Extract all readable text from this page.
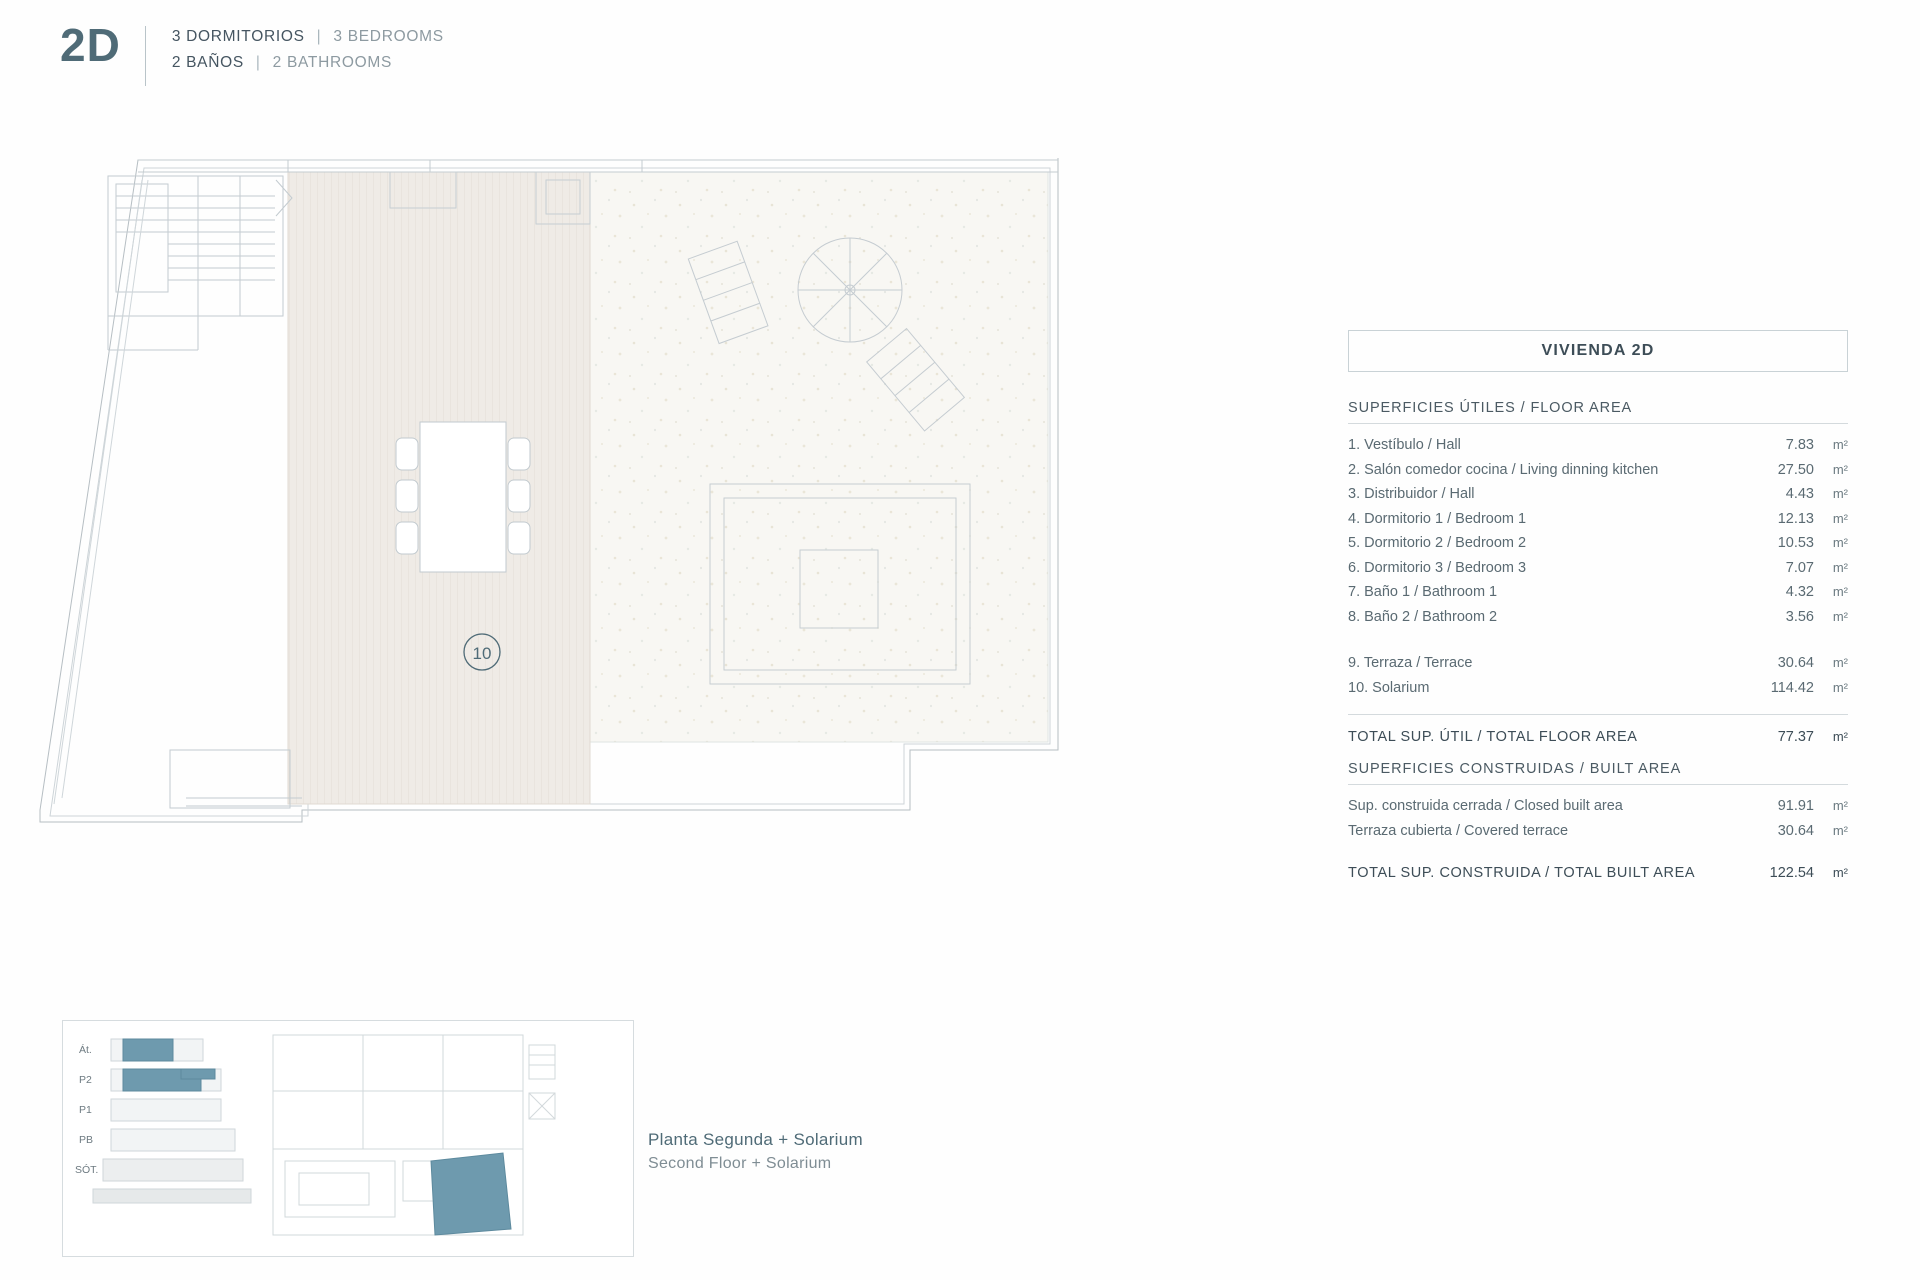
2D	3 DORMITORIOS | 3 BEDROOMS
2 BAÑOS | 2 BATHROOMS
10
VIVIENDA 2D
SUPERFICIES ÚTILES / FLOOR AREA
1. Vestíbulo / Hall	7.83	m²
2. Salón comedor cocina / Living dinning kitchen	27.50	m²
3. Distribuidor / Hall	4.43	m²
4. Dormitorio 1 / Bedroom 1	12.13	m²
5. Dormitorio 2 / Bedroom 2	10.53	m²
6. Dormitorio 3 / Bedroom 3	7.07	m²
7. Baño 1 / Bathroom 1	4.32	m²
8. Baño 2 / Bathroom 2	3.56	m²
9. Terraza / Terrace	30.64	m²
10. Solarium	114.42	m²
TOTAL SUP. ÚTIL / TOTAL FLOOR AREA	77.37	m²
SUPERFICIES CONSTRUIDAS / BUILT AREA
Sup. construida cerrada / Closed built area	91.91	m²
Terraza cubierta / Covered terrace	30.64	m²
TOTAL SUP. CONSTRUIDA / TOTAL BUILT AREA	122.54	m²
Át.
P2
P1
PB
SÓT.
Planta Segunda + Solarium
Second Floor + Solarium
